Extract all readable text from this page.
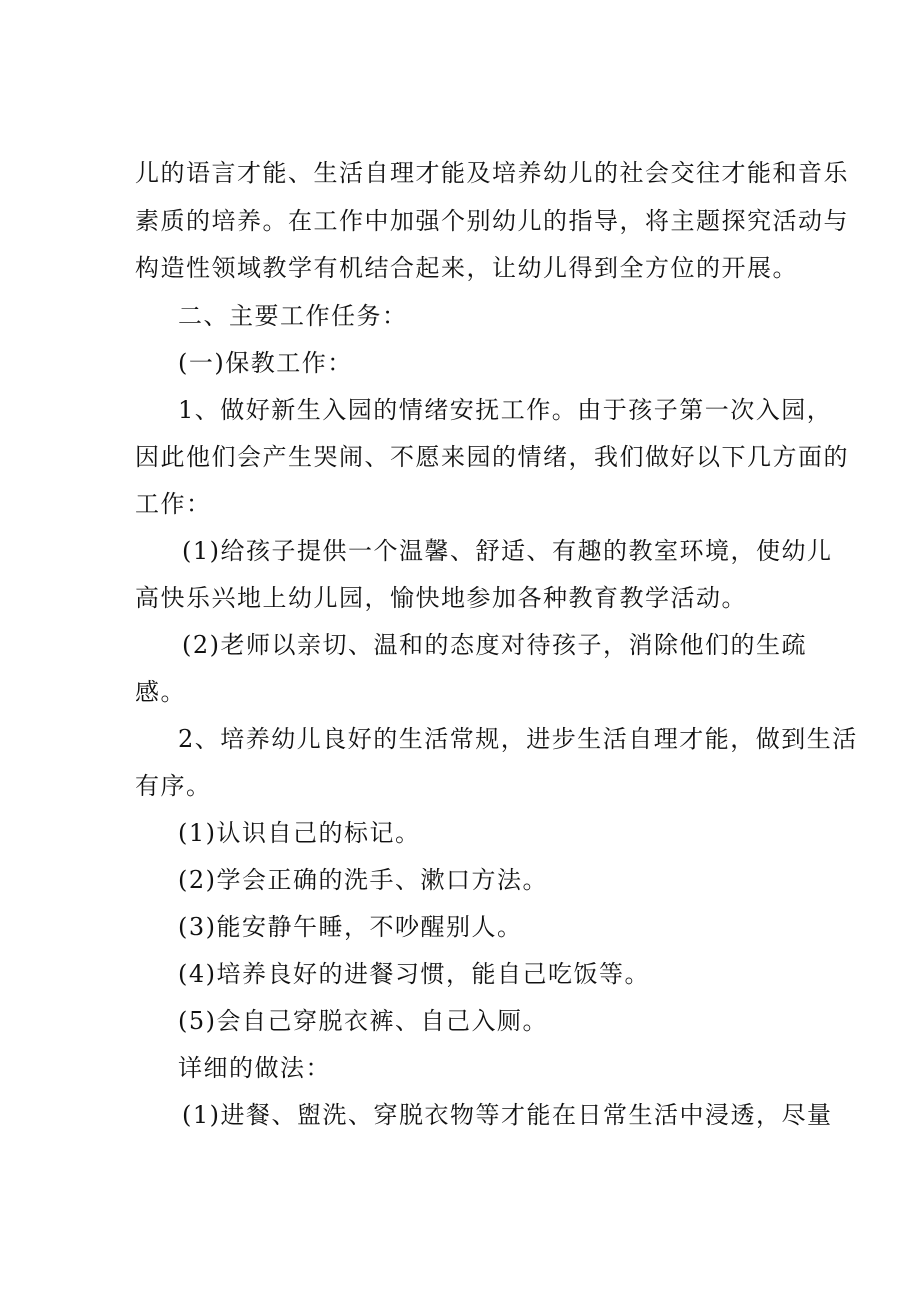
儿的语言才能、生活自理才能及培养幼儿的社会交往才能和音乐
素质的培养。在工作中加强个别幼儿的指导，将主题探究活动与
构造性领域教学有机结合起来，让幼儿得到全方位的开展。
二、主要工作任务：
(一)保教工作：
1、做好新生入园的情绪安抚工作。由于孩子第一次入园，
因此他们会产生哭闹、不愿来园的情绪，我们做好以下几方面的
工作：
(1)给孩子提供一个温馨、舒适、有趣的教室环境，使幼儿
高快乐兴地上幼儿园，愉快地参加各种教育教学活动。
(2)老师以亲切、温和的态度对待孩子，消除他们的生疏
感。
2、培养幼儿良好的生活常规，进步生活自理才能，做到生活
有序。
(1)认识自己的标记。
(2)学会正确的洗手、漱口方法。
(3)能安静午睡，不吵醒别人。
(4)培养良好的进餐习惯，能自己吃饭等。
(5)会自己穿脱衣裤、自己入厕。
详细的做法：
(1)进餐、盥洗、穿脱衣物等才能在日常生活中浸透，尽量
